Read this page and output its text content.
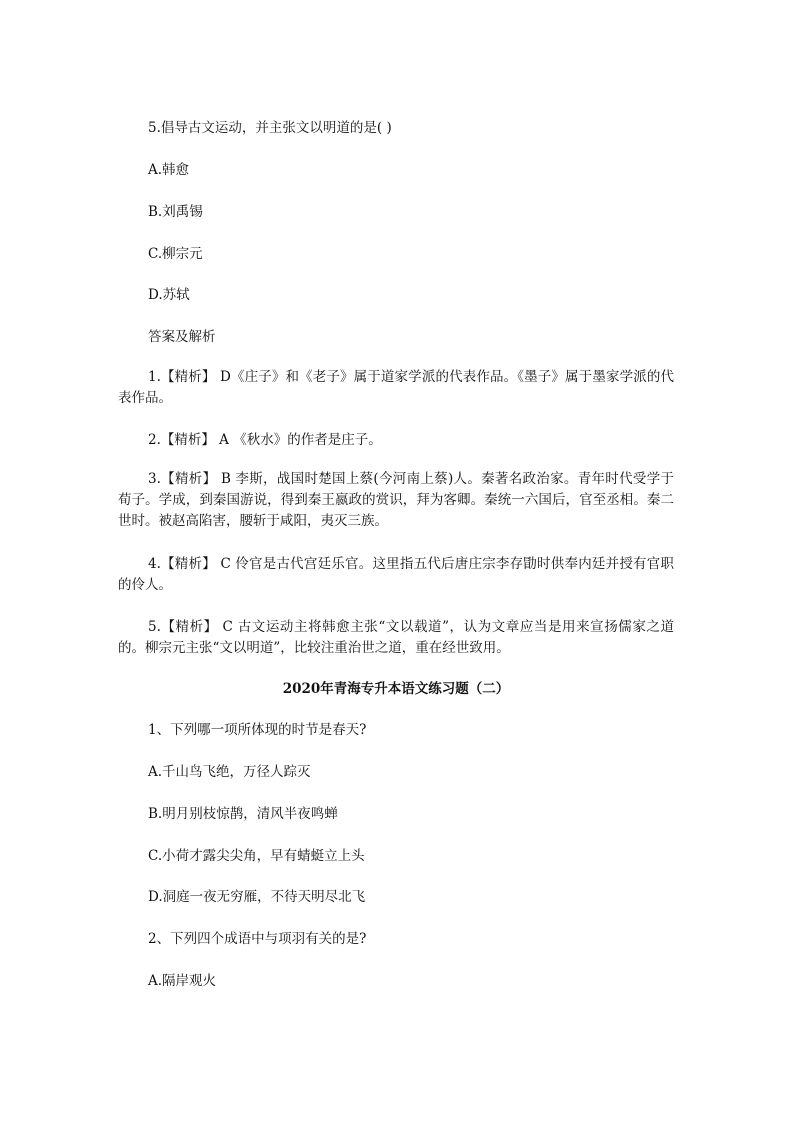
5.倡导古文运动，并主张文以明道的是( )
A.韩愈
B.刘禹锡
C.柳宗元
D.苏轼
答案及解析
1.【精析】 D《庄子》和《老子》属于道家学派的代表作品。《墨子》属于墨家学派的代表作品。
2.【精析】 A 《秋水》的作者是庄子。
3.【精析】 B 李斯，战国时楚国上蔡(今河南上蔡)人。秦著名政治家。青年时代受学于荀子。学成，到秦国游说，得到秦王嬴政的赏识，拜为客卿。秦统一六国后，官至丞相。秦二世时。被赵高陷害，腰斩于咸阳，夷灭三族。
4.【精析】 C 伶官是古代宫廷乐官。这里指五代后唐庄宗李存勖时供奉内廷并授有官职的伶人。
5.【精析】 C 古文运动主将韩愈主张“文以载道”，认为文章应当是用来宣扬儒家之道的。柳宗元主张“文以明道”，比较注重治世之道，重在经世致用。
2020年青海专升本语文练习题（二）
1、下列哪一项所体现的时节是春天?
A.千山鸟飞绝，万径人踪灭
B.明月别枝惊鹊，清风半夜鸣蝉
C.小荷才露尖尖角，早有蜻蜓立上头
D.洞庭一夜无穷雁，不待天明尽北飞
2、下列四个成语中与项羽有关的是?
A.隔岸观火
